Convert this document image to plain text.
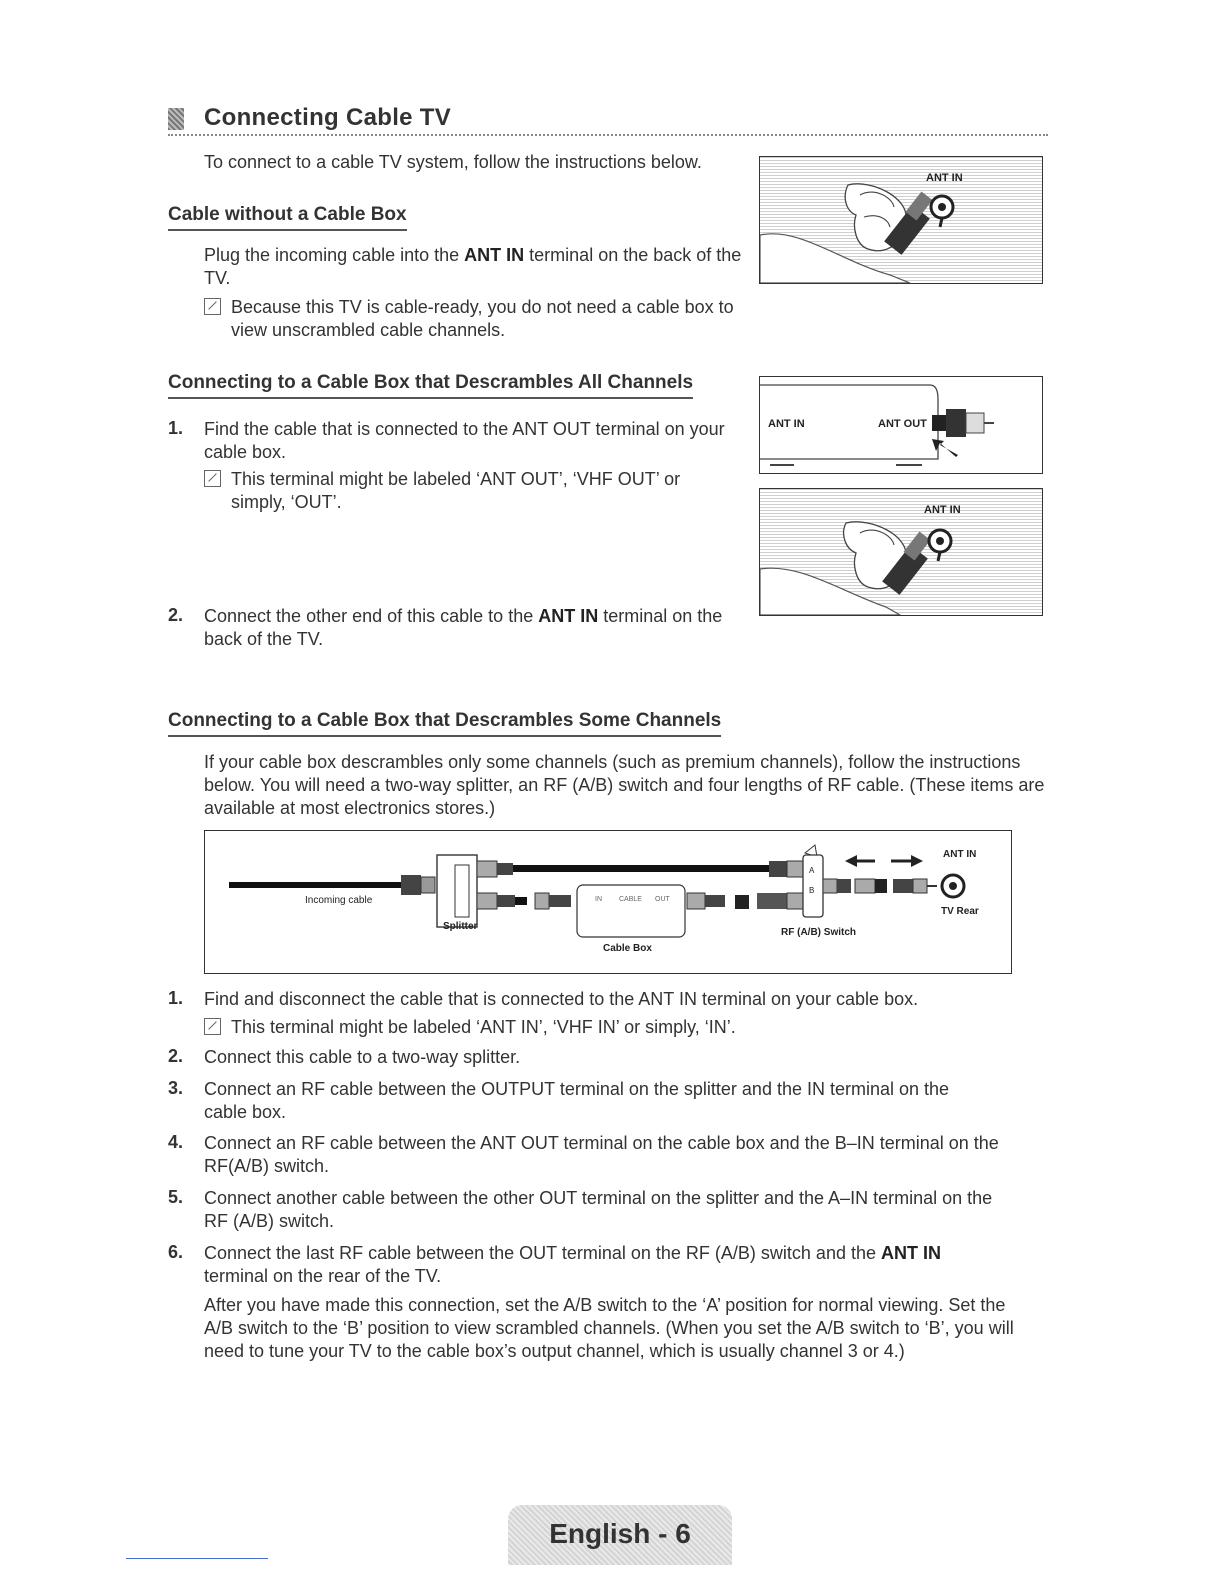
Connecting Cable TV
To connect to a cable TV system, follow the instructions below.
Cable without a Cable Box
Plug the incoming cable into the ANT IN terminal on the back of the TV.
Because this TV is cable-ready, you do not need a cable box to view unscrambled cable channels.
Connecting to a Cable Box that Descrambles All Channels
1. Find the cable that is connected to the ANT OUT terminal on your cable box.
This terminal might be labeled ‘ANT OUT’, ‘VHF OUT’ or simply, ‘OUT’.
2. Connect the other end of this cable to the ANT IN terminal on the back of the TV.
ANT IN
ANT IN	ANT OUT
ANT IN
Connecting to a Cable Box that Descrambles Some Channels
If your cable box descrambles only some channels (such as premium channels), follow the instructions below. You will need a two-way splitter, an RF (A/B) switch and four lengths of RF cable. (These items are available at most electronics stores.)
Incoming cable
Splitter
IN CABLE OUT
Cable Box
A
B
RF (A/B) Switch
ANT IN
TV Rear
1. Find and disconnect the cable that is connected to the ANT IN terminal on your cable box.
This terminal might be labeled ‘ANT IN’, ‘VHF IN’ or simply, ‘IN’.
2. Connect this cable to a two-way splitter.
3. Connect an RF cable between the OUTPUT terminal on the splitter and the IN terminal on the cable box.
4. Connect an RF cable between the ANT OUT terminal on the cable box and the B–IN terminal on the RF(A/B) switch.
5. Connect another cable between the other OUT terminal on the splitter and the A–IN terminal on the RF (A/B) switch.
6. Connect the last RF cable between the OUT terminal on the RF (A/B) switch and the ANT IN terminal on the rear of the TV.
After you have made this connection, set the A/B switch to the ‘A’ position for normal viewing. Set the A/B switch to the ‘B’ position to view scrambled channels. (When you set the A/B switch to ‘B’, you will need to tune your TV to the cable box’s output channel, which is usually channel 3 or 4.)
English - 6
